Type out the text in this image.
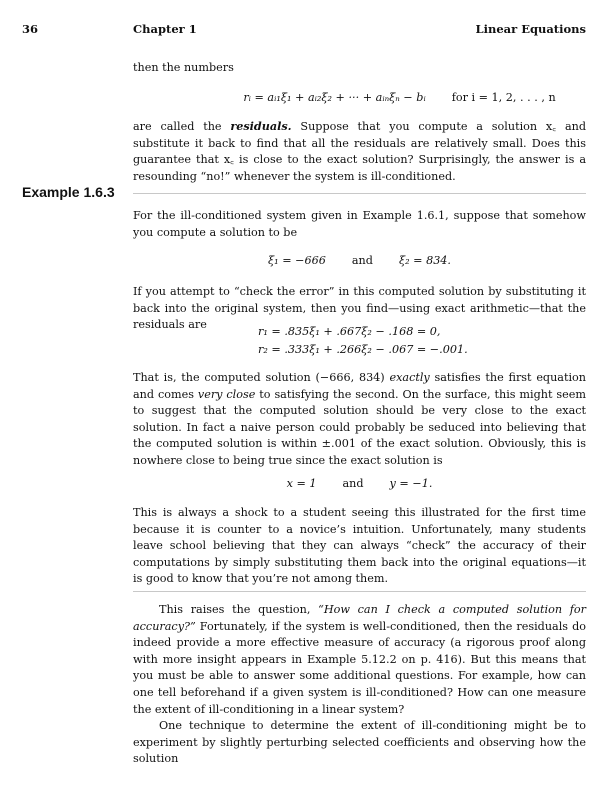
36	Chapter 1	Linear Equations

then the numbers

rᵢ = aᵢ₁ξ₁ + aᵢ₂ξ₂ + ··· + aᵢₙξₙ − bᵢ for i = 1, 2, . . . , n

are called the residuals. Suppose that you compute a solution x꜀ and substitute it back to find that all the residuals are relatively small. Does this guarantee that x꜀ is close to the exact solution? Surprisingly, the answer is a resounding “no!” whenever the system is ill-conditioned.

Example 1.6.3

For the ill-conditioned system given in Example 1.6.1, suppose that somehow you compute a solution to be

ξ₁ = −666 and ξ₂ = 834.

If you attempt to “check the error” in this computed solution by substituting it back into the original system, then you find—using exact arithmetic—that the residuals are

r₁ = .835ξ₁ + .667ξ₂ − .168 = 0,
r₂ = .333ξ₁ + .266ξ₂ − .067 = −.001.

That is, the computed solution (−666, 834) exactly satisfies the first equation and comes very close to satisfying the second. On the surface, this might seem to suggest that the computed solution should be very close to the exact solution. In fact a naive person could probably be seduced into believing that the computed solution is within ±.001 of the exact solution. Obviously, this is nowhere close to being true since the exact solution is

x = 1 and y = −1.

This is always a shock to a student seeing this illustrated for the first time because it is counter to a novice’s intuition. Unfortunately, many students leave school believing that they can always “check” the accuracy of their computations by simply substituting them back into the original equations—it is good to know that you’re not among them.

This raises the question, “How can I check a computed solution for accuracy?” Fortunately, if the system is well-conditioned, then the residuals do indeed provide a more effective measure of accuracy (a rigorous proof along with more insight appears in Example 5.12.2 on p. 416). But this means that you must be able to answer some additional questions. For example, how can one tell beforehand if a given system is ill-conditioned? How can one measure the extent of ill-conditioning in a linear system?

One technique to determine the extent of ill-conditioning might be to experiment by slightly perturbing selected coefficients and observing how the solution
